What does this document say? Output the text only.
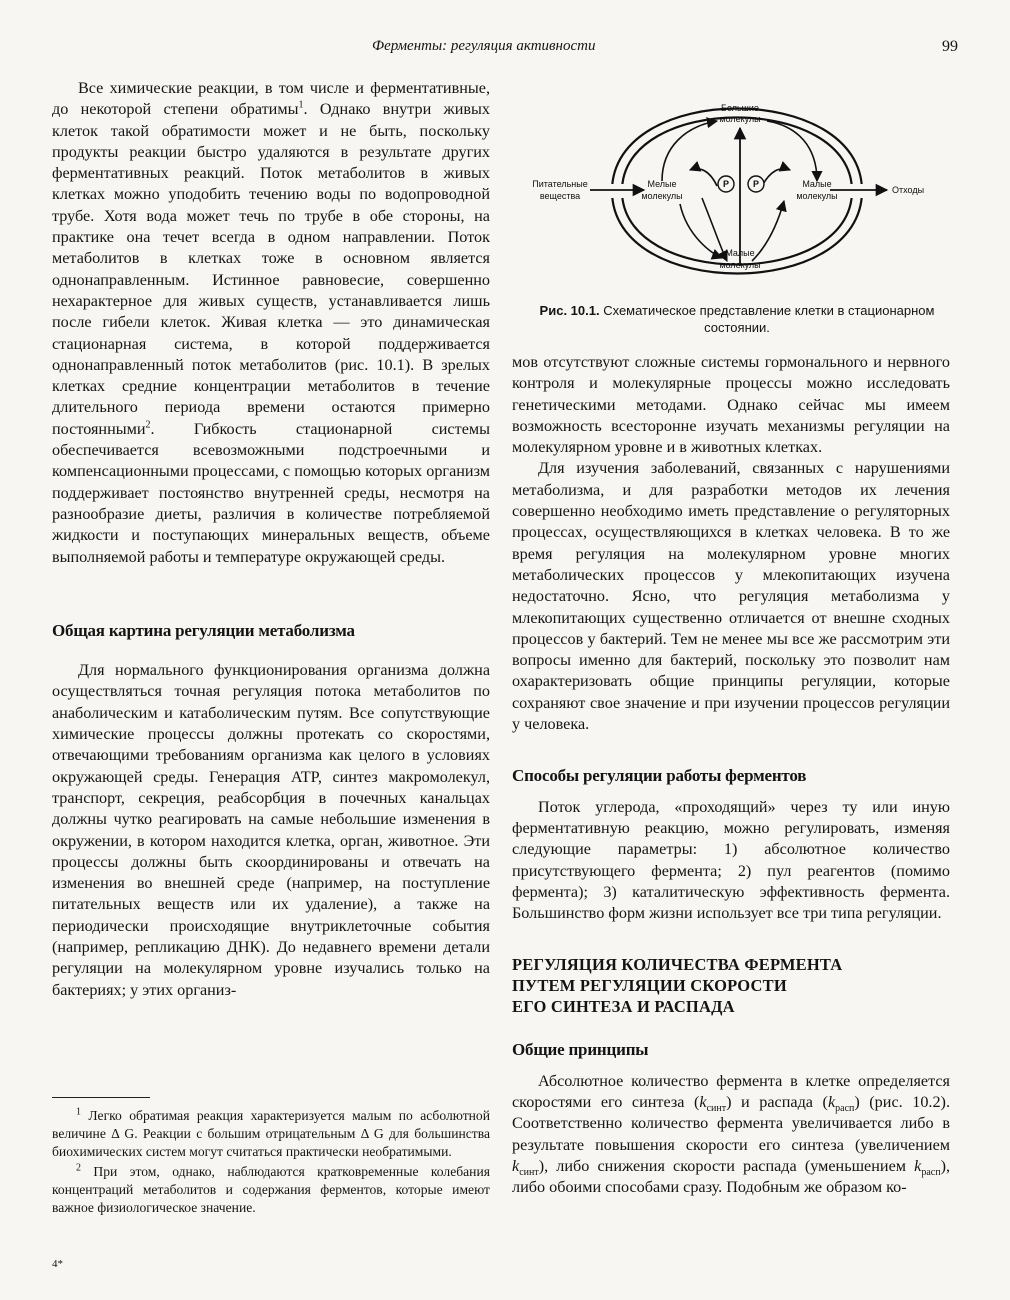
Ферменты: регуляция активности	99

Все химические реакции, в том числе и ферментативные, до некоторой степени обратимы$^1$. Однако внутри живых клеток такой обратимости может и не быть, поскольку продукты реакции быстро удаляются в результате других ферментативных реакций. Поток метаболитов в живых клетках можно уподобить течению воды по водопроводной трубе. Хотя вода может течь по трубе в обе стороны, на практике она течет всегда в одном направлении. Поток метаболитов в клетках тоже в основном является однонаправленным. Истинное равновесие, совершенно нехарактерное для живых существ, устанавливается лишь после гибели клеток. Живая клетка — это динамическая стационарная система, в которой поддерживается однонаправленный поток метаболитов (рис. 10.1). В зрелых клетках средние концентрации метаболитов в течение длительного периода времени остаются примерно постоянными$^2$. Гибкость стационарной системы обеспечивается всевозможными подстроечными и компенсационными процессами, с помощью которых организм поддерживает постоянство внутренней среды, несмотря на разнообразие диеты, различия в количестве потребляемой жидкости и поступающих минеральных веществ, объеме выполняемой работы и температуре окружающей среды.

Общая картина регуляции метаболизма

Для нормального функционирования организма должна осуществляться точная регуляция потока метаболитов по анаболическим и катаболическим путям. Все сопутствующие химические процессы должны протекать со скоростями, отвечающими требованиям организма как целого в условиях окружающей среды. Генерация ATP, синтез макромолекул, транспорт, секреция, реабсорбция в почечных канальцах должны чутко реагировать на самые небольшие изменения в окружении, в котором находится клетка, орган, животное. Эти процессы должны быть скоординированы и отвечать на изменения во внешней среде (например, на поступление питательных веществ или их удаление), а также на периодически происходящие внутриклеточные события (например, репликацию ДНК). До недавнего времени детали регуляции на молекулярном уровне изучались только на бактериях; у этих организ-

$^1$ Легко обратимая реакция характеризуется малым по асболютной величине Δ G. Реакции с большим отрицательным Δ G для большинства биохимических систем могут считаться практически необратимыми.

$^2$ При этом, однако, наблюдаются кратковременные колебания концентраций метаболитов и содержания ферментов, которые имеют важное физиологическое значение.

4*
P	P
Большие
молекулы
Мелые
молекулы
Малые
молекулы
Малые
молекулы
Питательные
вещества
Отходы
Рис. 10.1. Схематическое представление клетки в стационарном состоянии.

мов отсутствуют сложные системы гормонального и нервного контроля и молекулярные процессы можно исследовать генетическими методами. Однако сейчас мы имеем возможность всесторонне изучать механизмы регуляции на молекулярном уровне и в животных клетках.

Для изучения заболеваний, связанных с нарушениями метаболизма, и для разработки методов их лечения совершенно необходимо иметь представление о регуляторных процессах, осуществляющихся в клетках человека. В то же время регуляция на молекулярном уровне многих метаболических процессов у млекопитающих изучена недостаточно. Ясно, что регуляция метаболизма у млекопитающих существенно отличается от внешне сходных процессов у бактерий. Тем не менее мы все же рассмотрим эти вопросы именно для бактерий, поскольку это позволит нам охарактеризовать общие принципы регуляции, которые сохраняют свое значение и при изучении процессов регуляции у человека.

Способы регуляции работы ферментов

Поток углерода, «проходящий» через ту или иную ферментативную реакцию, можно регулировать, изменяя следующие параметры: 1) абсолютное количество присутствующего фермента; 2) пул реагентов (помимо фермента); 3) каталитическую эффективность фермента. Большинство форм жизни использует все три типа регуляции.

РЕГУЛЯЦИЯ КОЛИЧЕСТВА ФЕРМЕНТА
ПУТЕМ РЕГУЛЯЦИИ СКОРОСТИ
ЕГО СИНТЕЗА И РАСПАДА
Общие принципы

Абсолютное количество фермента в клетке определяется скоростями его синтеза $(k_{синт})$ и распада $(k_{расп})$ (рис. 10.2). Соответственно количество фермента увеличивается либо в результате повышения скорости его синтеза (увеличением $k_{синт}$), либо снижения скорости распада (уменьшением $k_{расп}$), либо обоими способами сразу. Подобным же образом ко-
